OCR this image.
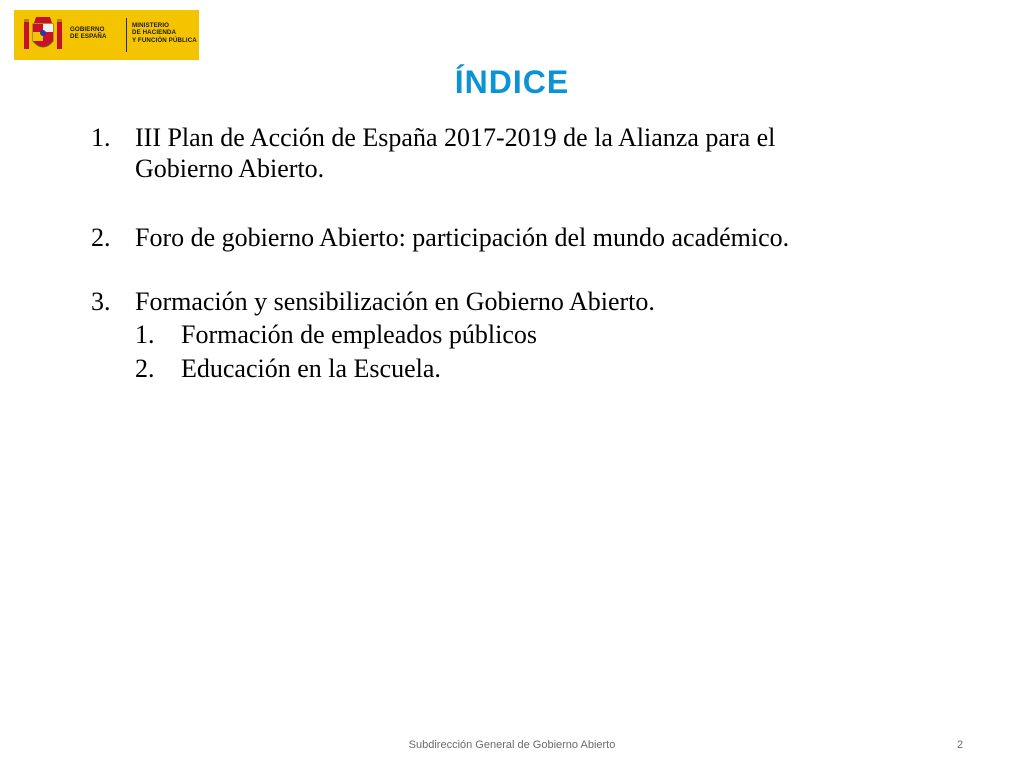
GOBIERNO
DE ESPAÑA
MINISTERIO
DE HACIENDA
Y FUNCIÓN PÚBLICA
ÍNDICE
1. III Plan de Acción de España 2017-2019 de la Alianza para el
Gobierno Abierto.
2. Foro de gobierno Abierto: participación del mundo académico.
3. Formación y sensibilización en Gobierno Abierto.
1. Formación de empleados públicos
2. Educación en la Escuela.
Subdirección General de Gobierno Abierto	2
